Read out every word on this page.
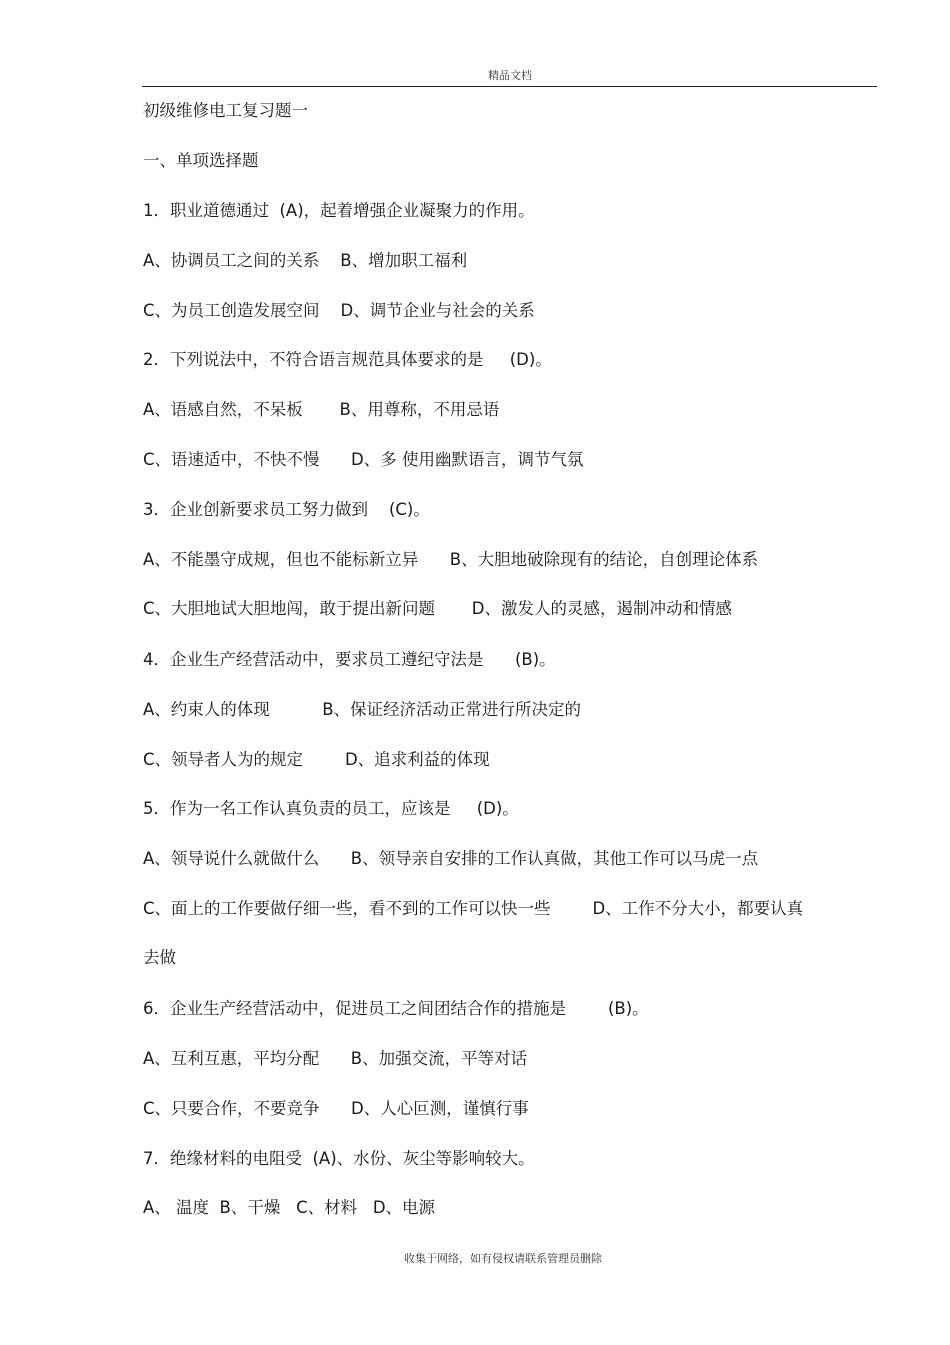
精品文档
初级维修电工复习题一
一、单项选择题
1．职业道德通过  (A)，起着增强企业凝聚力的作用。
A、协调员工之间的关系    B、增加职工福利
C、为员工创造发展空间    D、调节企业与社会的关系
2．下列说法中，不符合语言规范具体要求的是     (D)。
A、语感自然，不呆板       B、用尊称，不用忌语
C、语速适中，不快不慢      D、多 使用幽默语言，调节气氛
3．企业创新要求员工努力做到    (C)。
A、不能墨守成规，但也不能标新立异      B、大胆地破除现有的结论，自创理论体系
C、大胆地试大胆地闯，敢于提出新问题       D、激发人的灵感，遏制冲动和情感
4．企业生产经营活动中，要求员工遵纪守法是      (B)。
A、约束人的体现          B、保证经济活动正常进行所决定的
C、领导者人为的规定        D、追求利益的体现
5．作为一名工作认真负责的员工，应该是     (D)。
A、领导说什么就做什么      B、领导亲自安排的工作认真做，其他工作可以马虎一点
C、面上的工作要做仔细一些，看不到的工作可以快一些        D、工作不分大小，都要认真
去做
6．企业生产经营活动中，促进员工之间团结合作的措施是        (B)。
A、互利互惠，平均分配      B、加强交流，平等对话
C、只要合作，不要竞争      D、人心叵测，谨慎行事
7．绝缘材料的电阻受  (A)、水份、灰尘等影响较大。
A、 温度  B、干燥   C、材料   D、电源
收集于网络，如有侵权请联系管理员删除
